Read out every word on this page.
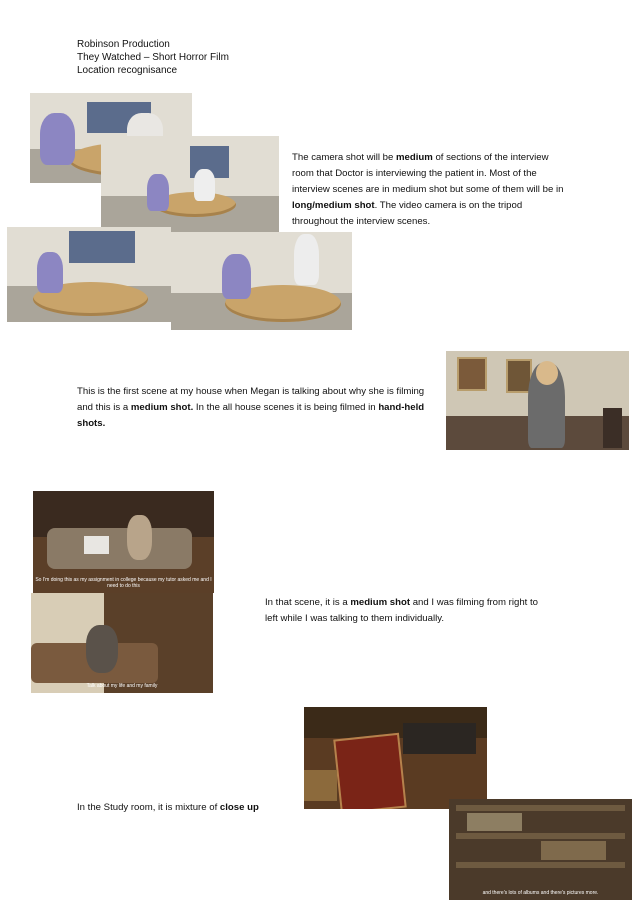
Robinson Production
They Watched – Short Horror Film
Location recognisance

The camera shot will be medium of sections of the interview room that Doctor is interviewing the patient in. Most of the interview scenes are in medium shot but some of them will be in long/medium shot. The video camera is on the tripod throughout the interview scenes.

This is the first scene at my house when Megan is talking about why she is filming and this is a medium shot. In the all house scenes it is being filmed in hand-held shots.

So I'm doing this as my assignment in college because my tutor asked me and I need to do this
Talk about my life and my family

In that scene, it is a medium shot and I was filming from right to left while I was talking to them individually.

and there's lots of albums and there's pictures more.

In the Study room, it is mixture of close up
